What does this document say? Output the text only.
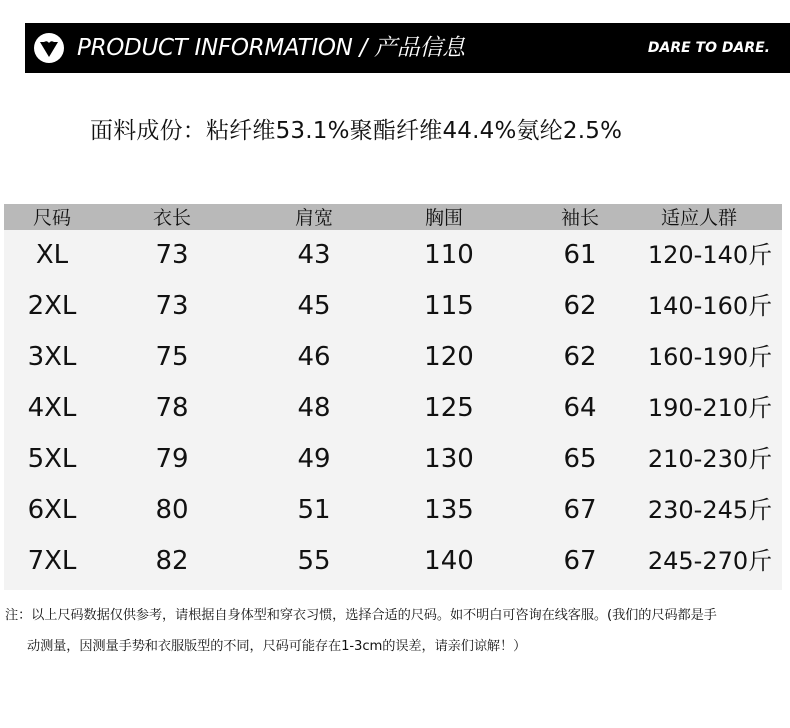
PRODUCT INFORMATION / 产品信息	DARE TO DARE.
面料成份：粘纤维53.1%聚酯纤维44.4%氨纶2.5%
尺码	衣长	肩宽	胸围	袖长	适应人群
XL	73	43	110	61	120-140斤
2XL	73	45	115	62	140-160斤
3XL	75	46	120	62	160-190斤
4XL	78	48	125	64	190-210斤
5XL	79	49	130	65	210-230斤
6XL	80	51	135	67	230-245斤
7XL	82	55	140	67	245-270斤
注：以上尺码数据仅供参考，请根据自身体型和穿衣习惯，选择合适的尺码。如不明白可咨询在线客服。(我们的尺码都是手
动测量，因测量手势和衣服版型的不同，尺码可能存在1-3cm的误差，请亲们谅解！）
